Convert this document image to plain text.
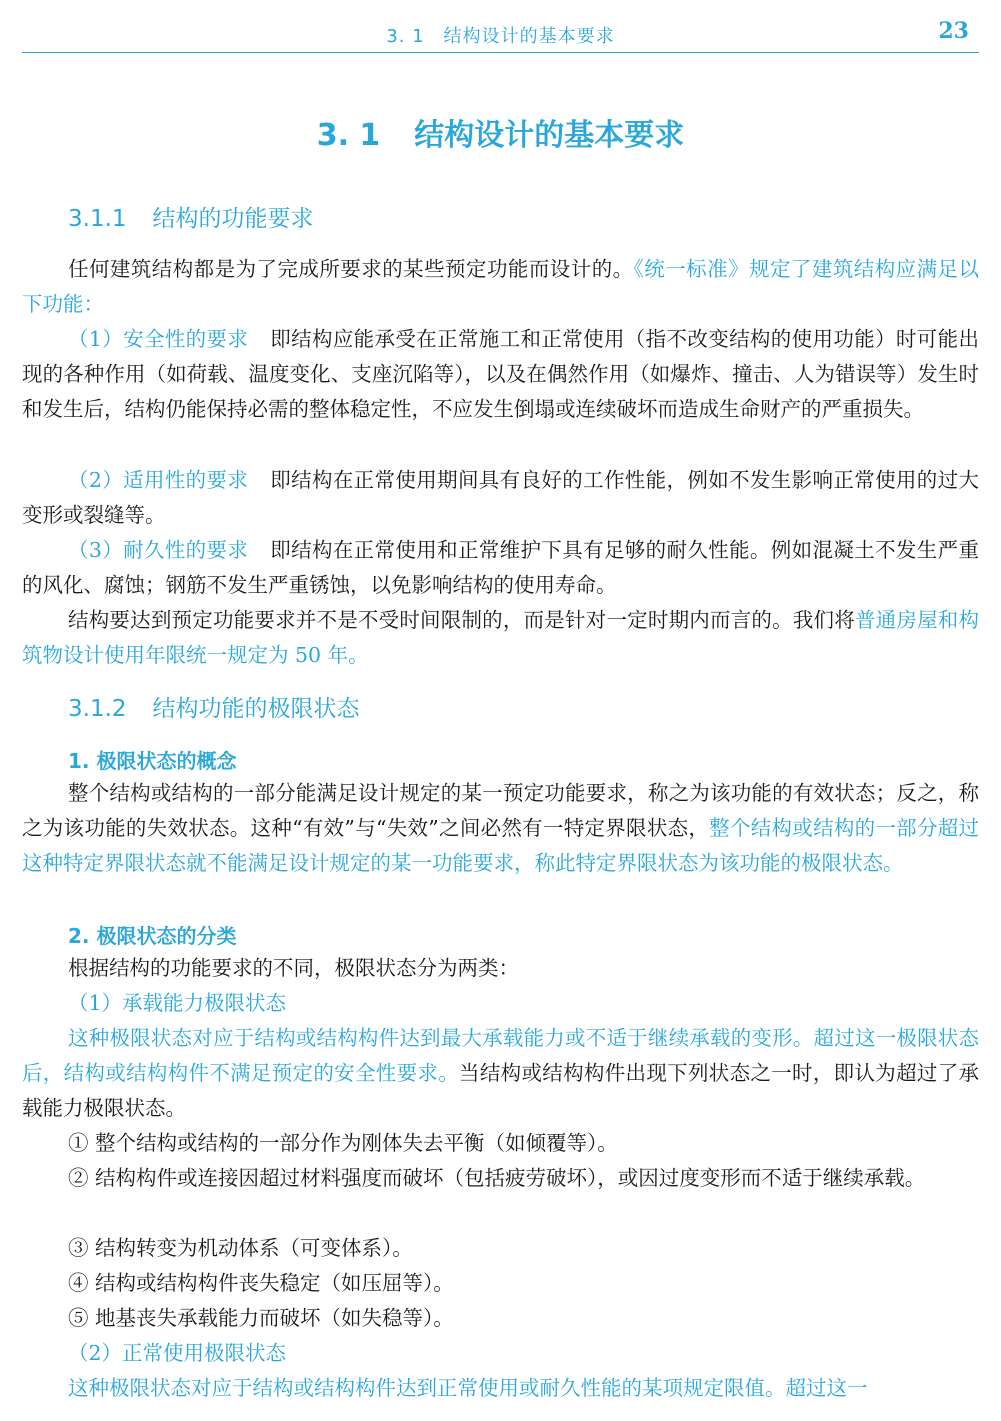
3. 1　结构设计的基本要求	23
3. 1 结构设计的基本要求
3.1.1 结构的功能要求

任何建筑结构都是为了完成所要求的某些预定功能而设计的。《统一标准》规定了建筑结构应满足以下功能：

（1）安全性的要求 即结构应能承受在正常施工和正常使用（指不改变结构的使用功能）时可能出现的各种作用（如荷载、温度变化、支座沉陷等），以及在偶然作用（如爆炸、撞击、人为错误等）发生时和发生后，结构仍能保持必需的整体稳定性，不应发生倒塌或连续破坏而造成生命财产的严重损失。

（2）适用性的要求 即结构在正常使用期间具有良好的工作性能，例如不发生影响正常使用的过大变形或裂缝等。

（3）耐久性的要求 即结构在正常使用和正常维护下具有足够的耐久性能。例如混凝土不发生严重的风化、腐蚀；钢筋不发生严重锈蚀，以免影响结构的使用寿命。

结构要达到预定功能要求并不是不受时间限制的，而是针对一定时期内而言的。我们将普通房屋和构筑物设计使用年限统一规定为 50 年。

3.1.2 结构功能的极限状态
1. 极限状态的概念

整个结构或结构的一部分能满足设计规定的某一预定功能要求，称之为该功能的有效状态；反之，称之为该功能的失效状态。这种“有效”与“失效”之间必然有一特定界限状态，整个结构或结构的一部分超过这种特定界限状态就不能满足设计规定的某一功能要求，称此特定界限状态为该功能的极限状态。

2. 极限状态的分类

根据结构的功能要求的不同，极限状态分为两类：

（1）承载能力极限状态

这种极限状态对应于结构或结构构件达到最大承载能力或不适于继续承载的变形。超过这一极限状态后，结构或结构构件不满足预定的安全性要求。当结构或结构构件出现下列状态之一时，即认为超过了承载能力极限状态。

① 整个结构或结构的一部分作为刚体失去平衡（如倾覆等）。

② 结构构件或连接因超过材料强度而破坏（包括疲劳破坏），或因过度变形而不适于继续承载。

③ 结构转变为机动体系（可变体系）。

④ 结构或结构构件丧失稳定（如压屈等）。

⑤ 地基丧失承载能力而破坏（如失稳等）。

（2）正常使用极限状态

这种极限状态对应于结构或结构构件达到正常使用或耐久性能的某项规定限值。超过这一
